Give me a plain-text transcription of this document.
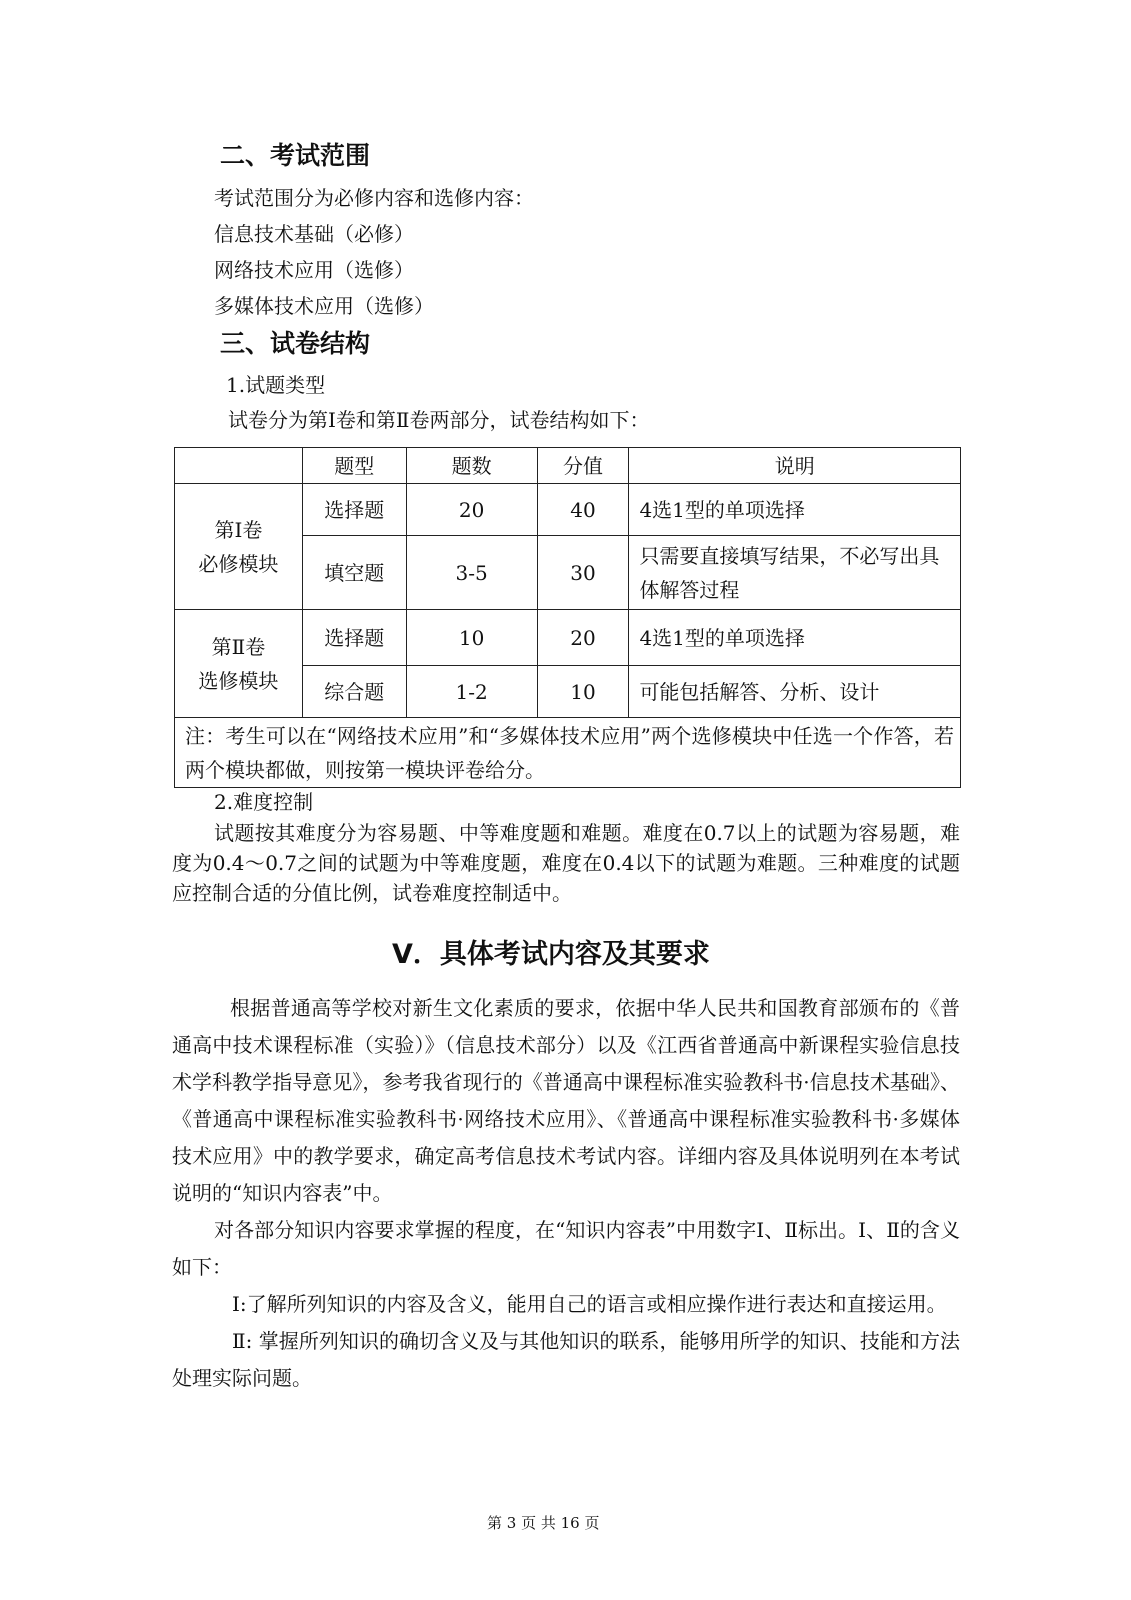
二、考试范围
考试范围分为必修内容和选修内容：
信息技术基础（必修）
网络技术应用（选修）
多媒体技术应用（选修）
三、试卷结构
1.试题类型
试卷分为第Ⅰ卷和第Ⅱ卷两部分，试卷结构如下：
	题型	题数	分值	说明

第Ⅰ卷
必修模块	选择题	20	40	4选1型的单项选择
	填空题	3-5	30	只需要直接填写结果，不必写出具体解答过程

第Ⅱ卷
选修模块	选择题	10	20	4选1型的单项选择
	综合题	1-2	10	可能包括解答、分析、设计
注：考生可以在“网络技术应用”和“多媒体技术应用”两个选修模块中任选一个作答，若两个模块都做，则按第一模块评卷给分。				
2.难度控制

试题按其难度分为容易题、中等难度题和难题。难度在0.7以上的试题为容易题，难度为0.4～0.7之间的试题为中等难度题，难度在0.4以下的试题为难题。三种难度的试题应控制合适的分值比例，试卷难度控制适中。

Ⅴ．具体考试内容及其要求

根据普通高等学校对新生文化素质的要求，依据中华人民共和国教育部颁布的《普通高中技术课程标准（实验）》（信息技术部分）以及《江西省普通高中新课程实验信息技术学科教学指导意见》，参考我省现行的《普通高中课程标准实验教科书·信息技术基础》、《普通高中课程标准实验教科书·网络技术应用》、《普通高中课程标准实验教科书·多媒体技术应用》中的教学要求，确定高考信息技术考试内容。详细内容及具体说明列在本考试说明的“知识内容表”中。

对各部分知识内容要求掌握的程度，在“知识内容表”中用数字Ⅰ、Ⅱ标出。Ⅰ、Ⅱ的含义如下：

Ⅰ:了解所列知识的内容及含义，能用自己的语言或相应操作进行表达和直接运用。

Ⅱ: 掌握所列知识的确切含义及与其他知识的联系，能够用所学的知识、技能和方法处理实际问题。

第 3 页 共 16 页
